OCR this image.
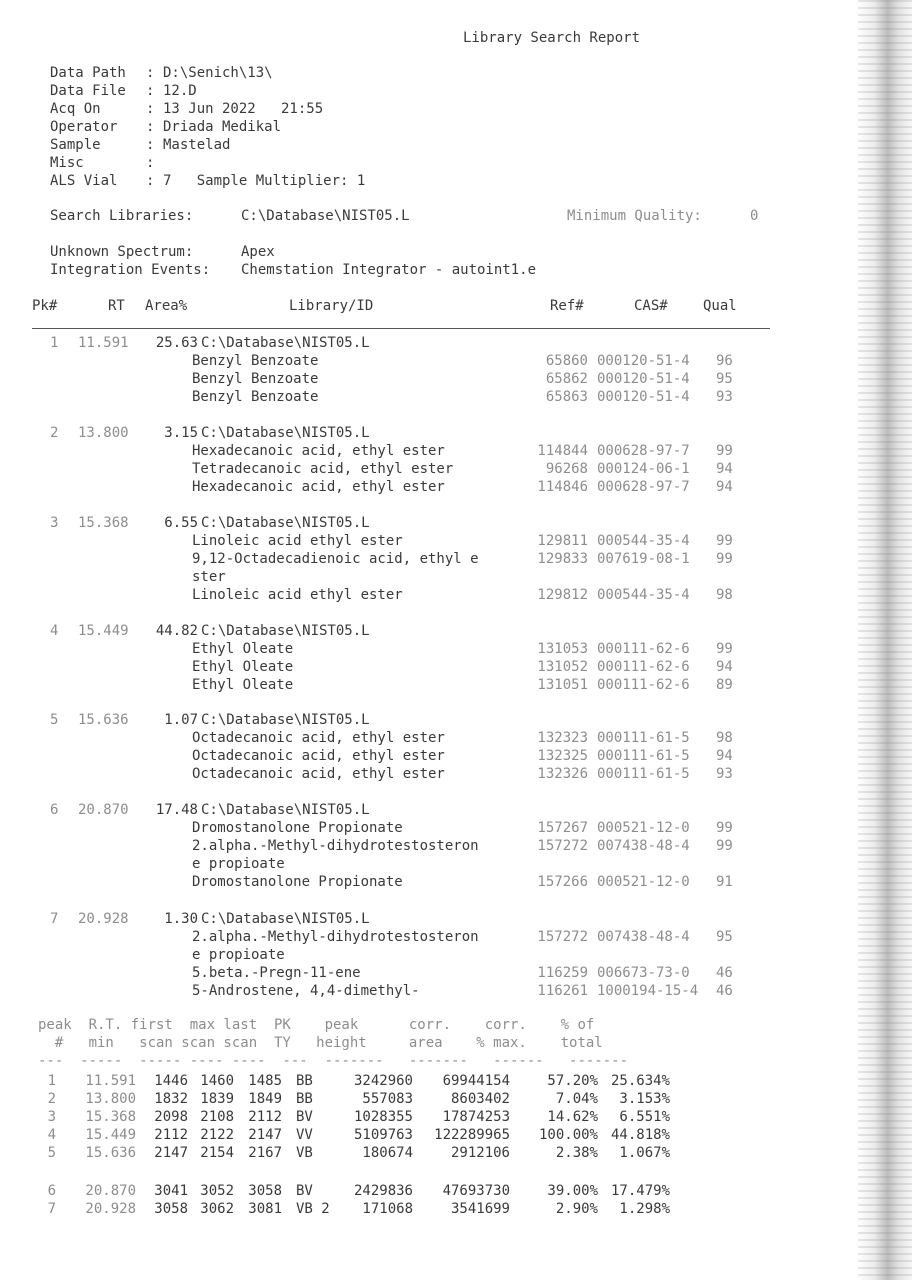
Library Search Report
Data Path : D:\Senich\13\
Data File : 12.D
Acq On	: 13 Jun 2022   21:55
Operator : Driada Medikal
Sample	: Mastelad
Misc	:
ALS Vial : 7   Sample Multiplier: 1
Search Libraries:	C:\Database\NIST05.L	Minimum Quality:	0
Unknown Spectrum:	Apex
Integration Events: Chemstation Integrator - autoint1.e
Pk#	RT Area%	Library/ID	Ref#	CAS#	Qual
1 11.591	25.63 C:\Database\NIST05.L
Benzyl Benzoate	65860 000120-51-4 96
Benzyl Benzoate	65862 000120-51-4 95
Benzyl Benzoate	65863 000120-51-4 93
2 13.800	3.15 C:\Database\NIST05.L
Hexadecanoic acid, ethyl ester	114844 000628-97-7 99
Tetradecanoic acid, ethyl ester	96268 000124-06-1 94
Hexadecanoic acid, ethyl ester	114846 000628-97-7 94
3 15.368	6.55 C:\Database\NIST05.L
Linoleic acid ethyl ester	129811 000544-35-4 99
9,12-Octadecadienoic acid, ethyl e	129833 007619-08-1 99
ster
Linoleic acid ethyl ester	129812 000544-35-4 98
4 15.449	44.82 C:\Database\NIST05.L
Ethyl Oleate	131053 000111-62-6 99
Ethyl Oleate	131052 000111-62-6 94
Ethyl Oleate	131051 000111-62-6 89
5 15.636	1.07 C:\Database\NIST05.L
Octadecanoic acid, ethyl ester	132323 000111-61-5 98
Octadecanoic acid, ethyl ester	132325 000111-61-5 94
Octadecanoic acid, ethyl ester	132326 000111-61-5 93
6 20.870	17.48 C:\Database\NIST05.L
Dromostanolone Propionate	157267 000521-12-0 99
2.alpha.-Methyl-dihydrotestosteron	157272 007438-48-4 99
e propioate
Dromostanolone Propionate	157266 000521-12-0 91
7 20.928	1.30 C:\Database\NIST05.L
2.alpha.-Methyl-dihydrotestosteron	157272 007438-48-4 95
e propioate
5.beta.-Pregn-11-ene	116259 006673-73-0 46
5-Androstene, 4,4-dimethyl-	116261 1000194-15-4 46
peak  R.T. first  max last  PK    peak      corr.    corr.    % of
#   min   scan scan scan  TY   height     area    % max.    total
---  -----  ----- ---- ----  ---  -------   -------   ------   -------
1	11.591	1446 1460	1485 BB	3242960	69944154	57.20% 25.634%
2	13.800	1832 1839	1849 BB	557083	8603402	7.04%	3.153%
3	15.368	2098 2108	2112 BV	1028355	17874253	14.62%	6.551%
4	15.449	2112 2122	2147 VV	5109763	122289965	100.00% 44.818%
5	15.636	2147 2154	2167 VB	180674	2912106	2.38%	1.067%
6	20.870	3041 3052	3058 BV	2429836	47693730	39.00% 17.479%
7	20.928	3058 3062	3081 VB 2	171068	3541699	2.90%	1.298%
